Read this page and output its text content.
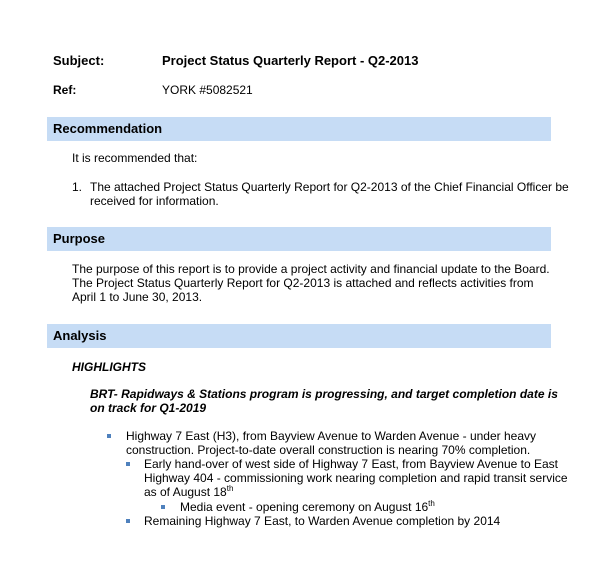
Subject:	Project Status Quarterly Report - Q2-2013
Ref:	YORK #5082521
Recommendation
It is recommended that:
1. The attached Project Status Quarterly Report for Q2-2013 of the Chief Financial Officer be
received for information.
Purpose
The purpose of this report is to provide a project activity and financial update to the Board.
The Project Status Quarterly Report for Q2-2013 is attached and reflects activities from
April 1 to June 30, 2013.
Analysis
HIGHLIGHTS
BRT- Rapidways & Stations program is progressing, and target completion date is
on track for Q1-2019
Highway 7 East (H3), from Bayview Avenue to Warden Avenue - under heavy
construction. Project-to-date overall construction is nearing 70% completion.
Early hand-over of west side of Highway 7 East, from Bayview Avenue to East
Highway 404 - commissioning work nearing completion and rapid transit service
as of August 18th
Media event - opening ceremony on August 16th
Remaining Highway 7 East, to Warden Avenue completion by 2014
